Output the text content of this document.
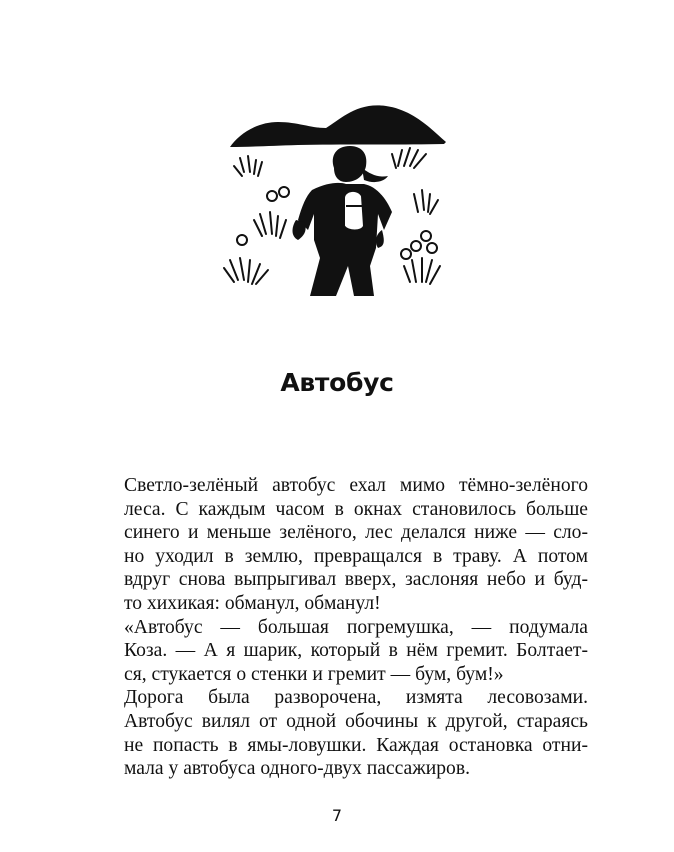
Автобус

Светло-зелёный автобус ехал мимо тёмно-зелёного
леса. С каждым часом в окнах становилось больше
синего и меньше зелёного, лес делался ниже — сло-
но уходил в землю, превращался в траву. А потом
вдруг снова выпрыгивал вверх, заслоняя небо и буд-
то хихикая: обманул, обманул!

«Автобус — большая погремушка, — подумала
Коза. — А я шарик, который в нём гремит. Болтает-
ся, стукается о стенки и гремит — бум, бум!»

Дорога была разворочена, измята лесовозами.
Автобус вилял от одной обочины к другой, стараясь
не попасть в ямы-ловушки. Каждая остановка отни-
мала у автобуса одного-двух пассажиров.

7
